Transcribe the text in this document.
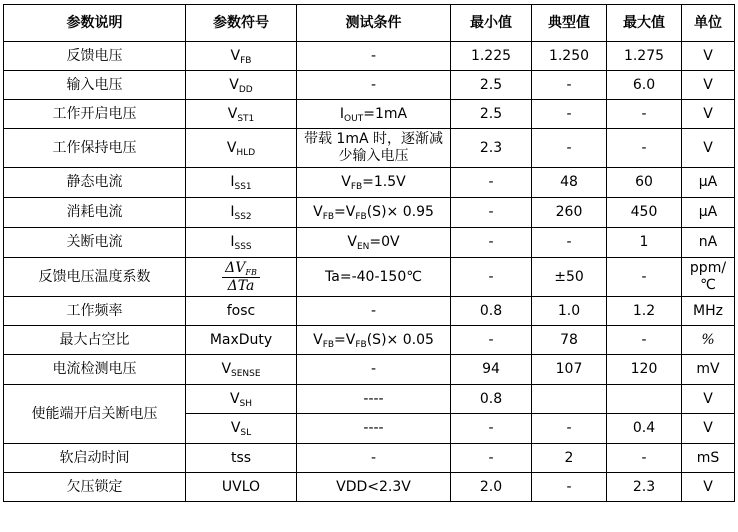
参数说明	参数符号	测试条件	最小值	典型值	最大值	单位
反馈电压	$V_{FB}$	-	1.225	1.250	1.275	V
输入电压	$V_{DD}$	-	2.5	-	6.0	V
工作开启电压	$V_{ST1}$	$I_{OUT}=1mA$	2.5	-	-	V
工作保持电压	$V_{HLD}$	带载 1mA 时，逐渐减少输入电压	2.3	-	-	V
静态电流	$I_{SS1}$	$V_{FB}=1.5V$	-	48	60	μA
消耗电流	$I_{SS2}$	$V_{FB}=V_{FB}(S)\times 0.95$	-	260	450	μA
关断电流	$I_{SSS}$	$V_{EN}=0V$	-	-	1	nA
反馈电压温度系数	$\frac{\Delta V_{FB}}{\text{ΔTa}}$	Ta=-40-150℃	-	±50	-	ppm/℃
工作频率	fosc	-	0.8	1.0	1.2	MHz
最大占空比	MaxDuty	$V_{FB}=V_{FB}(S)\times 0.05$	-	78	-	%
电流检测电压	$V_{SENSE}$	-	94	107	120	mV
使能端开启关断电压	$V_{SH}$	----	0.8			V
	$V_{SL}$	----	-	-	0.4	V
软启动时间	tss	-	-	2	-	mS
欠压锁定	UVLO	VDD<2.3V	2.0	-	2.3	V
